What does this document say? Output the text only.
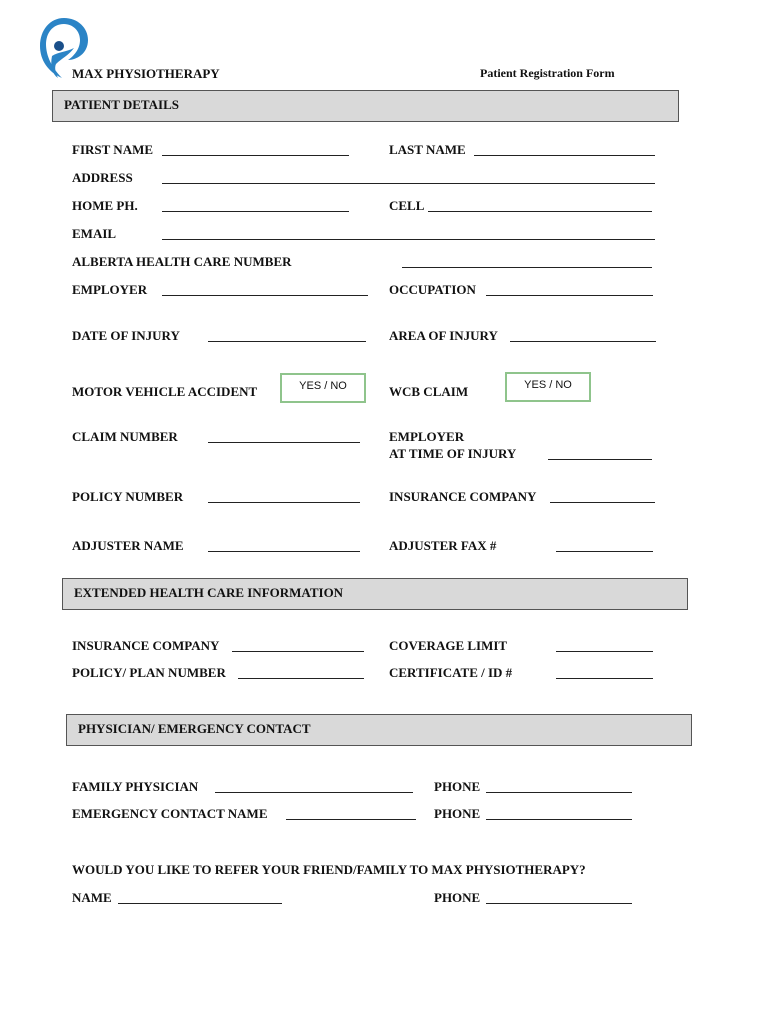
MAX PHYSIOTHERAPY	Patient Registration Form
PATIENT DETAILS
FIRST NAME	LAST NAME
ADDRESS
HOME PH.	CELL
EMAIL
ALBERTA HEALTH CARE NUMBER
EMPLOYER	OCCUPATION
DATE OF INJURY	AREA OF INJURY
MOTOR VEHICLE ACCIDENT	YES / NO	WCB CLAIM	YES / NO
CLAIM NUMBER	EMPLOYER
AT TIME OF INJURY
POLICY NUMBER	INSURANCE COMPANY
ADJUSTER NAME	ADJUSTER FAX #
EXTENDED HEALTH CARE INFORMATION
INSURANCE COMPANY	COVERAGE LIMIT
POLICY/ PLAN NUMBER	CERTIFICATE / ID #
PHYSICIAN/ EMERGENCY CONTACT
FAMILY PHYSICIAN	PHONE
EMERGENCY CONTACT NAME	PHONE
WOULD YOU LIKE TO REFER YOUR FRIEND/FAMILY TO MAX PHYSIOTHERAPY?
NAME	PHONE
